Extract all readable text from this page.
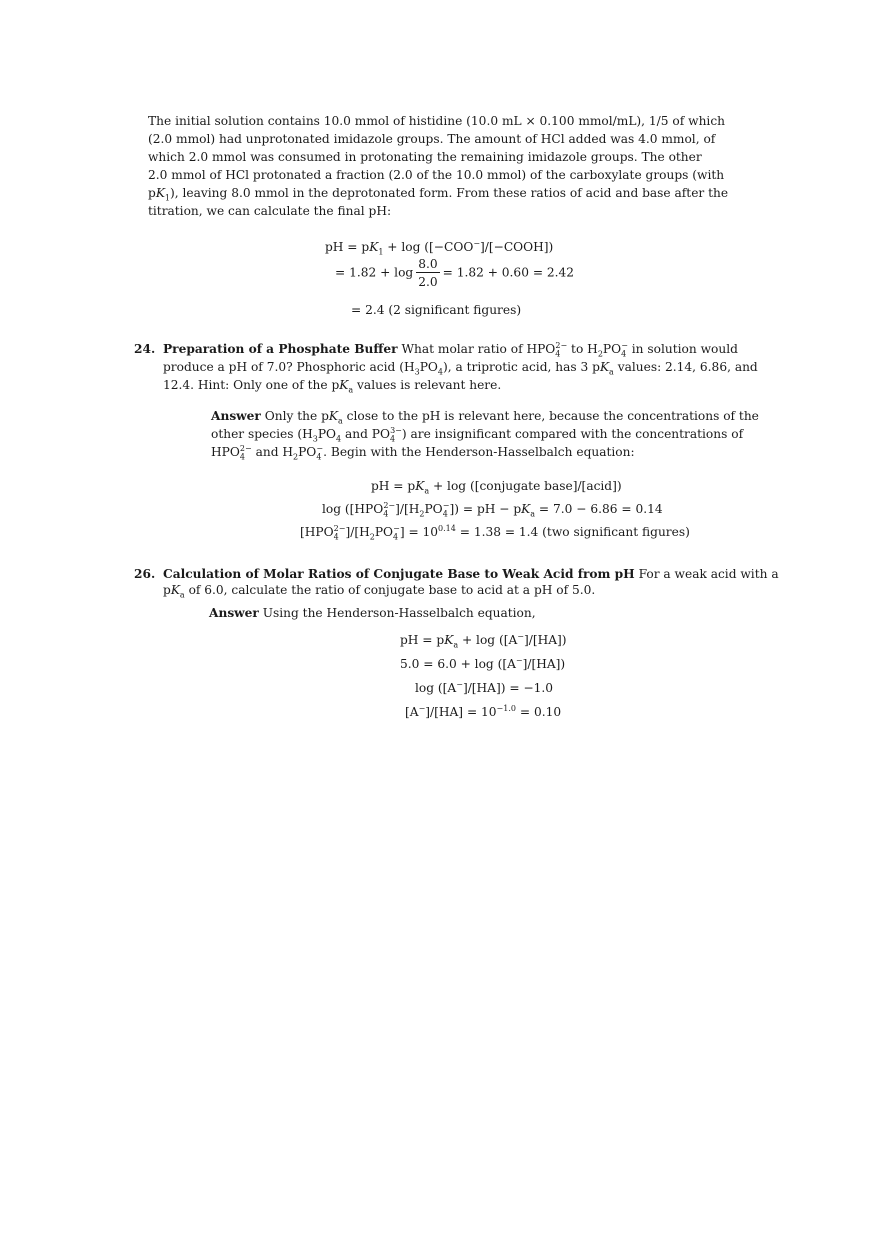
The initial solution contains 10.0 mmol of histidine (10.0 mL × 0.100 mmol/mL), 1/5 of which
(2.0 mmol) had unprotonated imidazole groups. The amount of HCl added was 4.0 mmol, of
which 2.0 mmol was consumed in protonating the remaining imidazole groups. The other
2.0 mmol of HCl protonated a fraction (2.0 of the 10.0 mmol) of the carboxylate groups (with
$pK_1$), leaving 8.0 mmol in the deprotonated form. From these ratios of acid and base after the
titration, we can calculate the final pH:
pH = $pK_1 + \log$ ([−COO−]/[−COOH])
= $1.82 + \log \frac{8.0}{2.0} = 1.82 + 0.60 = 2.42$
= 2.4 (2 significant figures)
24. Preparation of a Phosphate Buffer What molar ratio of $HPO_4^{2-}$ to $H_2PO_4^-$ in solution would
produce a pH of 7.0? Phosphoric acid $(H_3PO_4)$, a triprotic acid, has 3 $pK_a$ values: 2.14, 6.86, and
12.4. Hint: Only one of the $pK_a$ values is relevant here.
Answer Only the $pK_a$ close to the pH is relevant here, because the concentrations of the
other species ($H_3PO_4$ and $PO_4^{3-}$) are insignificant compared with the concentrations of
$HPO_4^{2-}$ and $H_2PO_4^-$. Begin with the Henderson-Hasselbalch equation:
pH = $pK_a + \log$ ([conjugate base]/[acid])
$\log ([HPO_4^{2-}]/[H_2PO_4^-])$ = pH − $pK_a = 7.0 - 6.86 = 0.14$
$[HPO_4^{2-}]/[H_2PO_4^-] = 10^{0.14} = 1.38 = 1.4$ (two significant figures)
26. Calculation of Molar Ratios of Conjugate Base to Weak Acid from pH For a weak acid with a
$pK_a$ of 6.0, calculate the ratio of conjugate base to acid at a pH of 5.0.
Answer Using the Henderson-Hasselbalch equation,
pH = $pK_a + \log ([A^-]/[HA])$
5.0 = 6.0 + log ([A−]/[HA])
log ([A−]/[HA]) = −1.0
$[A^-]/[HA] = 10^{-1.0} = 0.10$
